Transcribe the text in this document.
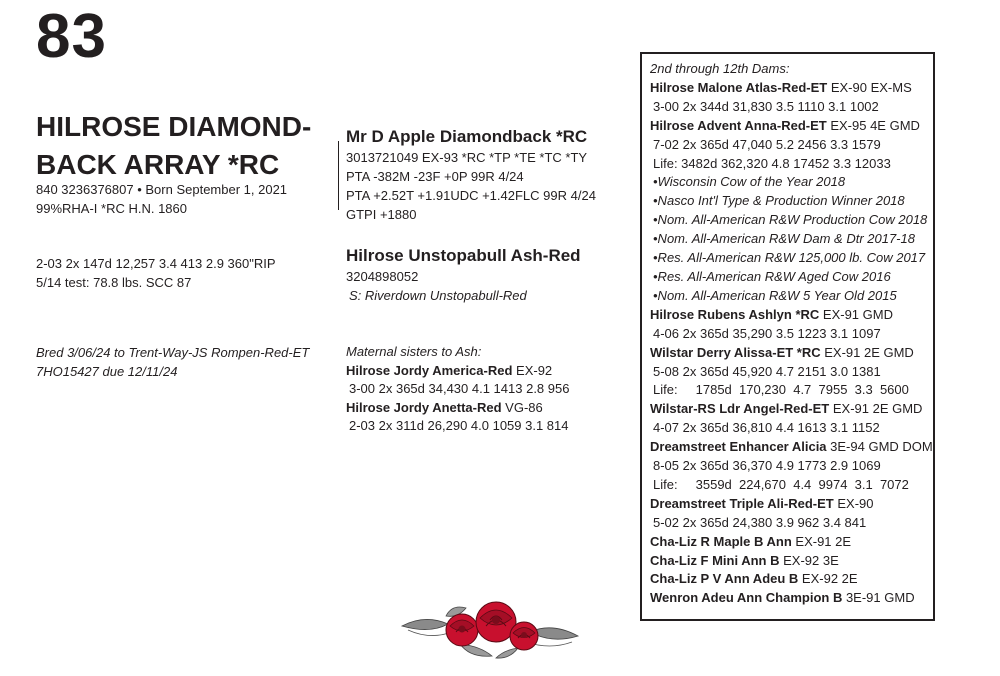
83
HILROSE DIAMOND-
BACK ARRAY *RC
840 3236376807 • Born September 1, 2021
99%RHA-I *RC H.N. 1860
2-03 2x 147d 12,257 3.4 413 2.9 360"RIP
5/14 test: 78.8 lbs. SCC 87
Bred 3/06/24 to Trent-Way-JS Rompen-Red-ET
7HO15427 due 12/11/24
Mr D Apple Diamondback *RC
3013721049 EX-93 *RC *TP *TE *TC *TY
PTA -382M -23F +0P 99R 4/24
PTA +2.52T +1.91UDC +1.42FLC 99R 4/24
GTPI +1880
Hilrose Unstopabull Ash-Red
3204898052
S: Riverdown Unstopabull-Red
Maternal sisters to Ash:
Hilrose Jordy America-Red EX-92
3-00 2x 365d 34,430 4.1 1413 2.8 956
Hilrose Jordy Anetta-Red VG-86
2-03 2x 311d 26,290 4.0 1059 3.1 814
2nd through 12th Dams:
Hilrose Malone Atlas-Red-ET EX-90 EX-MS
3-00 2x 344d 31,830 3.5 1110 3.1 1002
Hilrose Advent Anna-Red-ET EX-95 4E GMD
7-02 2x 365d 47,040 5.2 2456 3.3 1579
Life: 3482d 362,320 4.8 17452 3.3 12033
•Wisconsin Cow of the Year 2018
•Nasco Int'l Type & Production Winner 2018
•Nom. All-American R&W Production Cow 2018
•Nom. All-American R&W Dam & Dtr 2017-18
•Res. All-American R&W 125,000 lb. Cow 2017
•Res. All-American R&W Aged Cow 2016
•Nom. All-American R&W 5 Year Old 2015
Hilrose Rubens Ashlyn *RC EX-91 GMD
4-06 2x 365d 35,290 3.5 1223 3.1 1097
Wilstar Derry Alissa-ET *RC EX-91 2E GMD
5-08 2x 365d 45,920 4.7 2151 3.0 1381
Life:     1785d  170,230  4.7  7955  3.3  5600
Wilstar-RS Ldr Angel-Red-ET EX-91 2E GMD
4-07 2x 365d 36,810 4.4 1613 3.1 1152
Dreamstreet Enhancer Alicia 3E-94 GMD DOM
8-05 2x 365d 36,370 4.9 1773 2.9 1069
Life:     3559d  224,670  4.4  9974  3.1  7072
Dreamstreet Triple Ali-Red-ET EX-90
5-02 2x 365d 24,380 3.9 962 3.4 841
Cha-Liz R Maple B Ann EX-91 2E
Cha-Liz F Mini Ann B EX-92 3E
Cha-Liz P V Ann Adeu B EX-92 2E
Wenron Adeu Ann Champion B 3E-91 GMD
